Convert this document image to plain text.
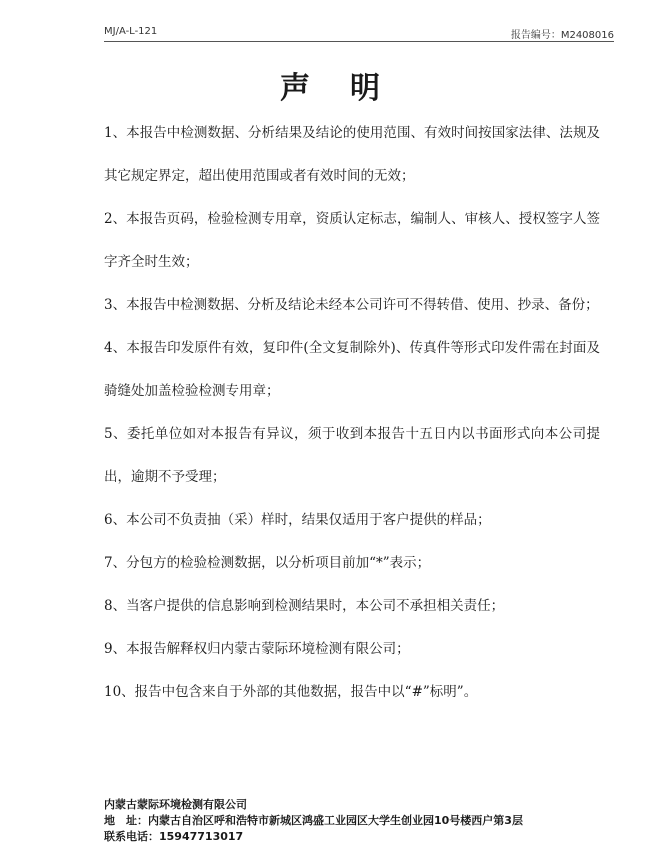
MJ/A-L-121	报告编号：M2408016
声明
1、本报告中检测数据、分析结果及结论的使用范围、有效时间按国家法律、法规及其它规定界定，超出使用范围或者有效时间的无效；
2、本报告页码，检验检测专用章，资质认定标志，编制人、审核人、授权签字人签字齐全时生效；
3、本报告中检测数据、分析及结论未经本公司许可不得转借、使用、抄录、备份；
4、本报告印发原件有效，复印件(全文复制除外)、传真件等形式印发件需在封面及骑缝处加盖检验检测专用章；
5、委托单位如对本报告有异议，须于收到本报告十五日内以书面形式向本公司提出，逾期不予受理；
6、本公司不负责抽（采）样时，结果仅适用于客户提供的样品；
7、分包方的检验检测数据，以分析项目前加“*”表示；
8、当客户提供的信息影响到检测结果时，本公司不承担相关责任；
9、本报告解释权归内蒙古蒙际环境检测有限公司；
10、报告中包含来自于外部的其他数据，报告中以“#”标明”。
内蒙古蒙际环境检测有限公司
地　址：内蒙古自治区呼和浩特市新城区鸿盛工业园区大学生创业园10号楼西户第3层
联系电话：15947713017
